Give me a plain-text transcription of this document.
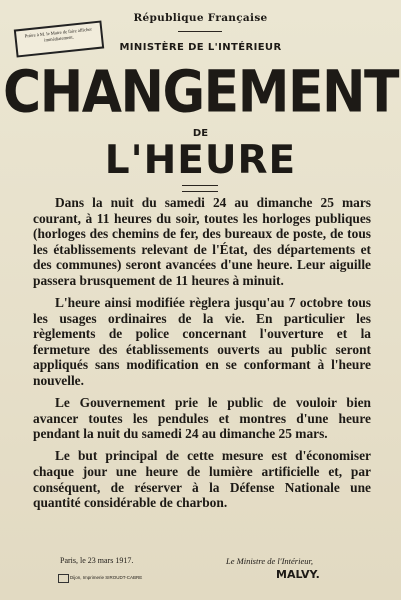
Prière à M. le Maire de faire afficher immédiatement.
République Française
MINISTÈRE DE L'INTÉRIEUR
CHANGEMENT
DE
L'HEURE

Dans la nuit du samedi 24 au dimanche 25 mars courant, à 11 heures du soir, toutes les horloges publiques (horloges des chemins de fer, des bureaux de poste, de tous les établissements relevant de l'État, des départements et des communes) seront avancées d'une heure. Leur aiguille passera brusquement de 11 heures à minuit.

L'heure ainsi modifiée règlera jusqu'au 7 octobre tous les usages ordinaires de la vie. En particulier les règlements de police concernant l'ouverture et la fermeture des établissements ouverts au public seront appliqués sans modification en se conformant à l'heure nouvelle.

Le Gouvernement prie le public de vouloir bien avancer toutes les pendules et montres d'une heure pendant la nuit du samedi 24 au dimanche 25 mars.

Le but principal de cette mesure est d'économiser chaque jour une heure de lumière artificielle et, par conséquent, de réserver à la Défense Nationale une quantité considérable de charbon.

Paris, le 23 mars 1917.	Le Ministre de l'Intérieur,
MALVY.
Dijon, Imprimerie SIROUDT-CABRE
